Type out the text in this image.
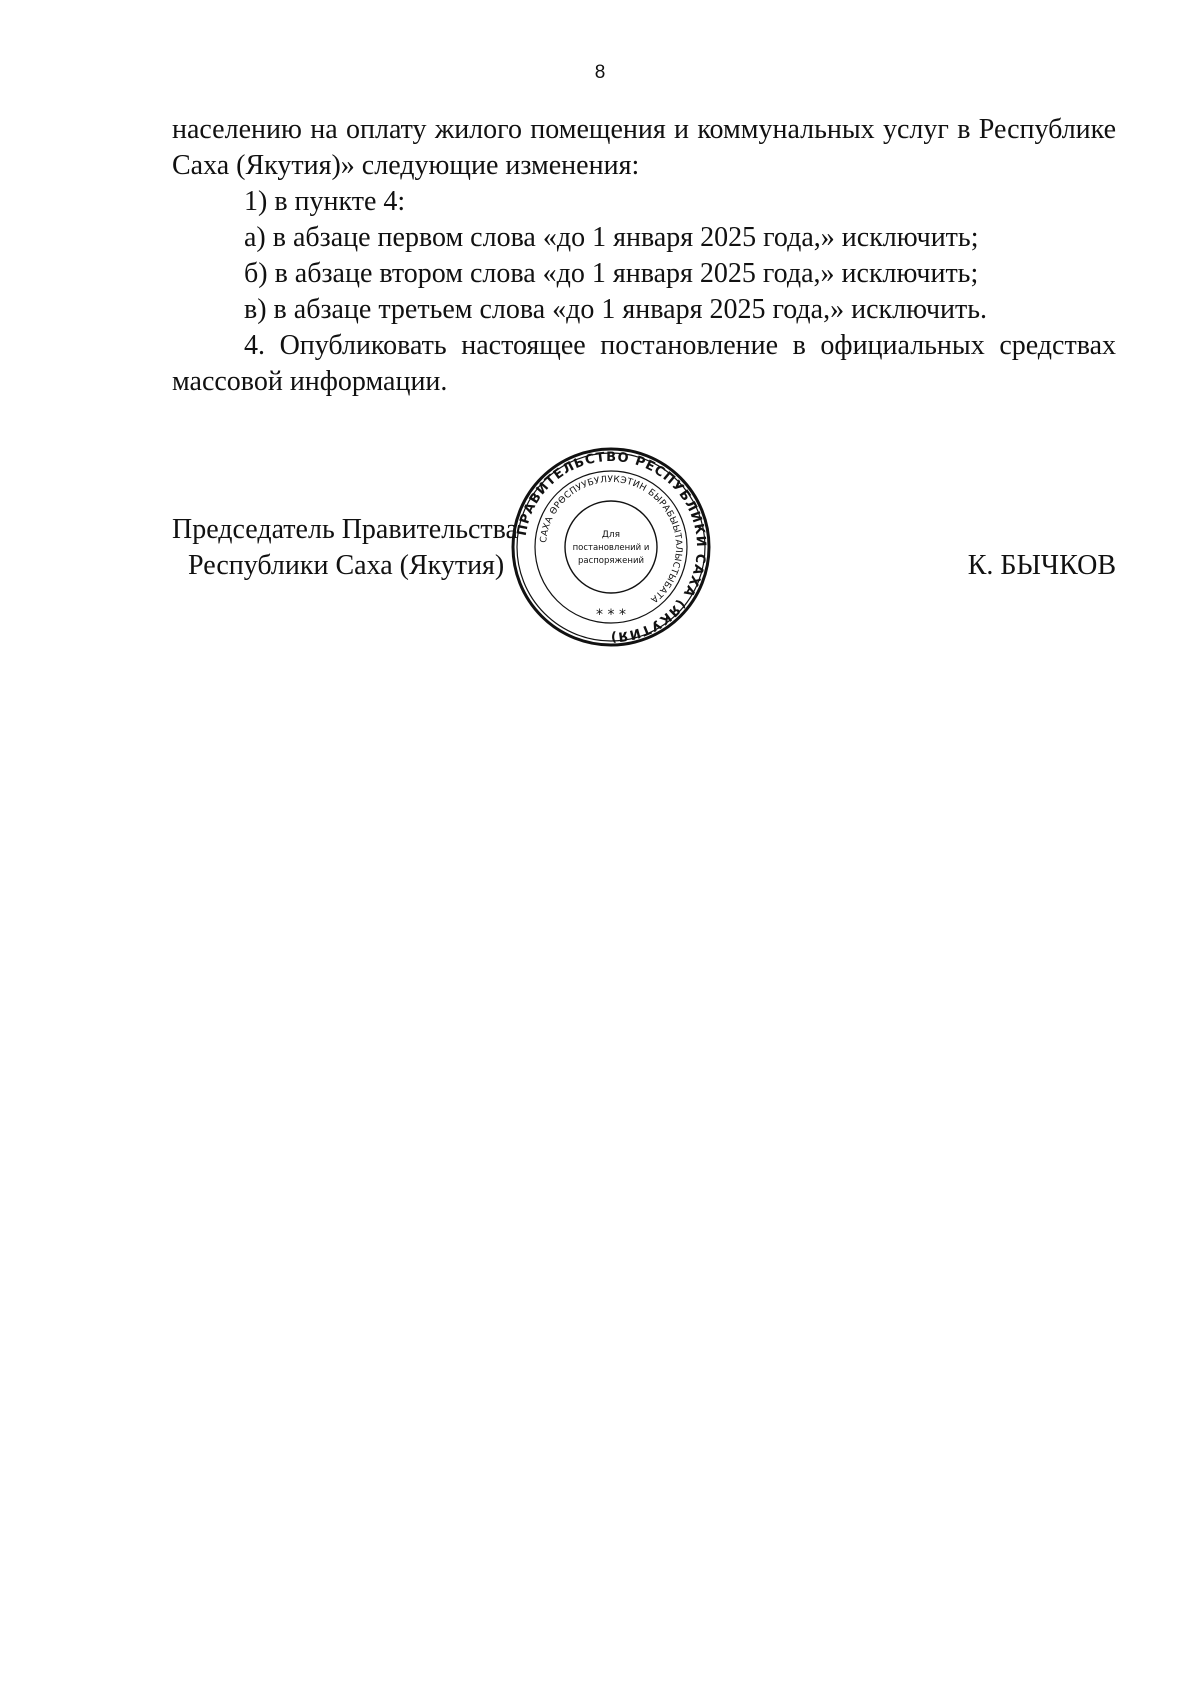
8

населению на оплату жилого помещения и коммунальных услуг в Республике Саха (Якутия)» следующие изменения:

1) в пункте 4:

а) в абзаце первом слова «до 1 января 2025 года,» исключить;

б) в абзаце втором слова «до 1 января 2025 года,» исключить;

в) в абзаце третьем слова «до 1 января 2025 года,» исключить.

4. Опубликовать настоящее постановление в официальных средствах массовой информации.

Председатель Правительства
Республики Саха (Якутия)	К. БЫЧКОВ
ПРАВИТЕЛЬСТВО РЕСПУБЛИКИ САХА (ЯКУТИЯ)
САХА ӨРӨСПУУБУЛУКЭТИН БЫРАБЫЫТАЛЫСТЫБАТА
Для
постановлений и
распоряжений
* * *
